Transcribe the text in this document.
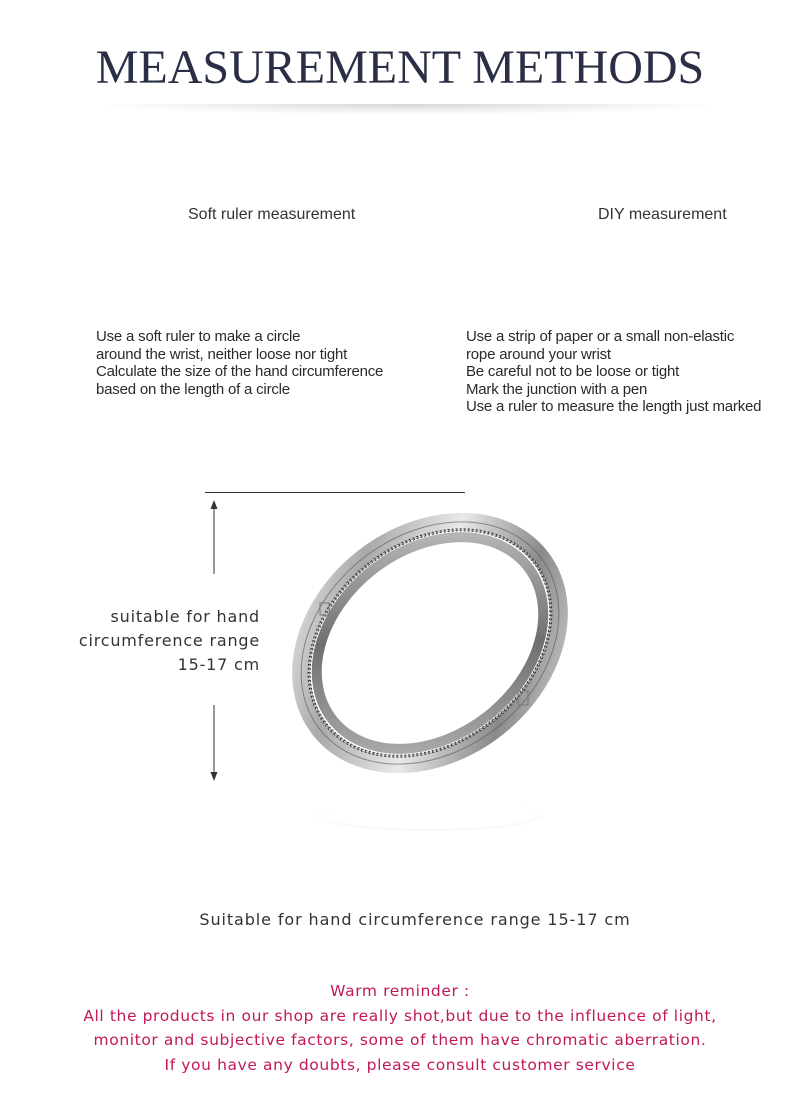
MEASUREMENT METHODS
Soft ruler measurement	DIY measurement
Use a soft ruler to make a circle
around the wrist, neither loose nor tight
Calculate the size of the hand circumference
based on the length of a circle
Use a strip of paper or a small non-elastic
rope around your wrist
Be careful not to be loose or tight
Mark the junction with a pen
Use a ruler to measure the length just marked
suitable for hand
circumference range
15-17 cm
Suitable for hand circumference range 15-17 cm
Warm reminder :
All the products in our shop are really shot,but due to the influence of light,
monitor and subjective factors, some of them have chromatic aberration.
If you have any doubts, please consult customer service
